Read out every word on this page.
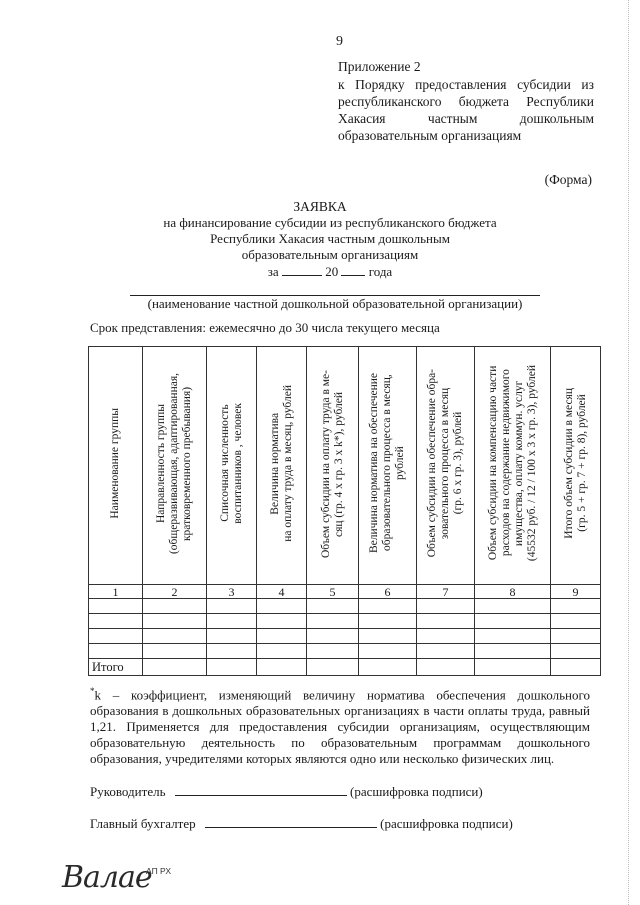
9
Приложение 2
к Порядку предоставления субсидии из
республиканского бюджета Республики
Хакасия частным дошкольным
образовательным организациям
(Форма)
ЗАЯВКА
на финансирование субсидии из республиканского бюджета
Республики Хакасия частным дошкольным
образовательным организациям
за	20 года
(наименование частной дошкольной образовательной организации)
Срок представления: ежемесячно до 30 числа текущего месяца
Наименование группы	Направленность группы
(общеразвивающая, адаптированная,
кратковременного пребывания)	Списочная численность
воспитанников , человек	Величина норматива
на оплату труда в месяц, рублей	Объем субсидии на оплату труда в ме-
сяц (гр. 4 х гр. 3 х k*), рублей	Величина норматива на обеспечение
образовательного процесса в месяц,
рублей	Объем субсидии на обеспечение обра-
зовательного процесса в месяц
(гр. 6 х гр. 3), рублей	Объем субсидии на компенсацию части
расходов на содержание недвижимого
имущества, оплату коммун. услуг
(45532 руб. / 12 / 100 х 3 х гр. 3), рублей	Итого объем субсидии в месяц
(гр. 5 + гр. 7 + гр. 8), рублей
1	2	3	4	5	6	7	8	9

Итого								
*k – коэффициент, изменяющий величину норматива обеспечения дошкольного образования в дошкольных образовательных организациях в части оплаты труда, равный 1,21. Применяется для предоставления субсидии организациям, осуществляющим образовательную деятельность по образовательным программам дошкольного образования, учредителями которых являются одно или несколько физических лиц.
Руководитель	(расшифровка подписи)
Главный бухгалтер	(расшифровка подписи)
Валае
АП РХ
